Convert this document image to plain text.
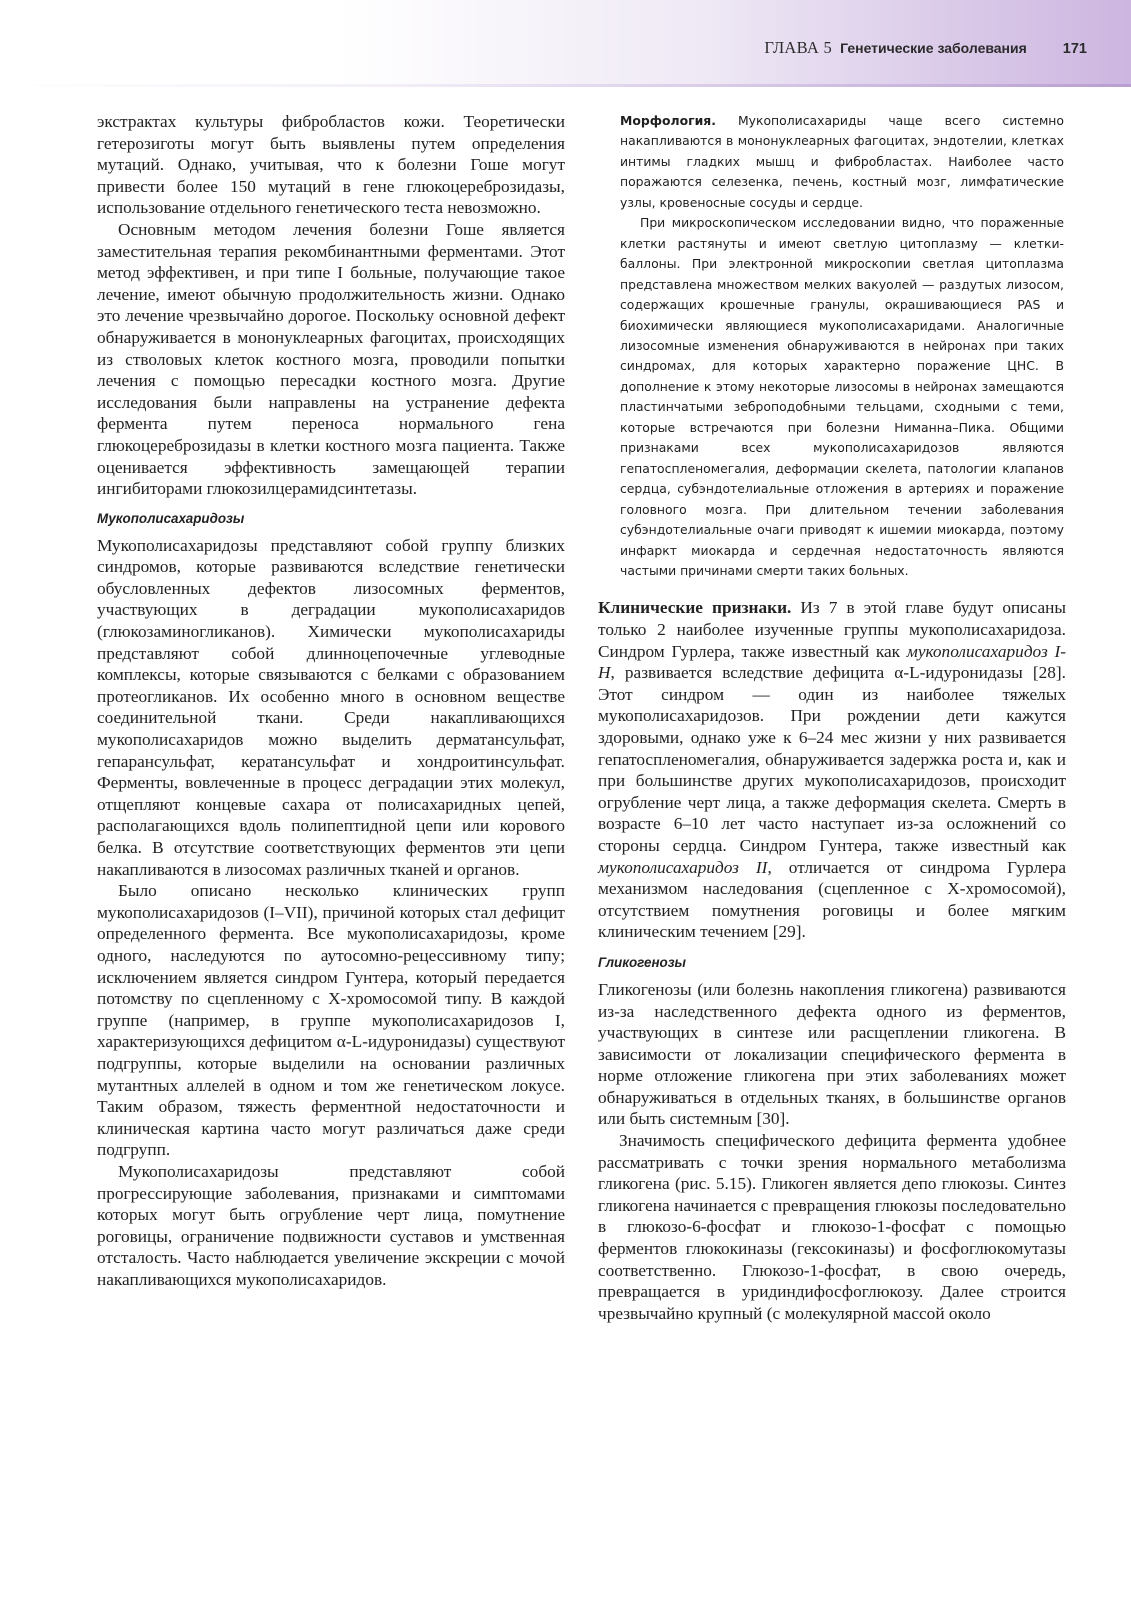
ГЛАВА 5 Генетические заболевания 171

экстрактах культуры фибробластов кожи. Теоретически гетерозиготы могут быть выявлены путем определения мутаций. Однако, учитывая, что к болезни Гоше могут привести более 150 мутаций в гене глюкоцереброзидазы, использование отдельного генетического теста невозможно.

Основным методом лечения болезни Гоше является заместительная терапия рекомбинантными ферментами. Этот метод эффективен, и при типе I больные, получающие такое лечение, имеют обычную продолжительность жизни. Однако это лечение чрезвычайно дорогое. Поскольку основной дефект обнаруживается в мононуклеарных фагоцитах, происходящих из стволовых клеток костного мозга, проводили попытки лечения с помощью пересадки костного мозга. Другие исследования были направлены на устранение дефекта фермента путем переноса нормального гена глюкоцереброзидазы в клетки костного мозга пациента. Также оценивается эффективность замещающей терапии ингибиторами глюкозилцерамидсинтетазы.

Мукополисахаридозы

Мукополисахаридозы представляют собой группу близких синдромов, которые развиваются вследствие генетически обусловленных дефектов лизосомных ферментов, участвующих в деградации мукополисахаридов (глюкозаминогликанов). Химически мукополисахариды представляют собой длинноцепочечные углеводные комплексы, которые связываются с белками с образованием протеогликанов. Их особенно много в основном веществе соединительной ткани. Среди накапливающихся мукополисахаридов можно выделить дерматансульфат, гепарансульфат, кератансульфат и хондроитинсульфат. Ферменты, вовлеченные в процесс деградации этих молекул, отщепляют концевые сахара от полисахаридных цепей, располагающихся вдоль полипептидной цепи или корового белка. В отсутствие соответствующих ферментов эти цепи накапливаются в лизосомах различных тканей и органов.

Было описано несколько клинических групп мукополисахаридозов (I–VII), причиной которых стал дефицит определенного фермента. Все мукополисахаридозы, кроме одного, наследуются по аутосомно-рецессивному типу; исключением является синдром Гунтера, который передается потомству по сцепленному с X-хромосомой типу. В каждой группе (например, в группе мукополисахаридозов I, характеризующихся дефицитом α-L-идуронидазы) существуют подгруппы, которые выделили на основании различных мутантных аллелей в одном и том же генетическом локусе. Таким образом, тяжесть ферментной недостаточности и клиническая картина часто могут различаться даже среди подгрупп.

Мукополисахаридозы представляют собой прогрессирующие заболевания, признаками и симптомами которых могут быть огрубление черт лица, помутнение роговицы, ограничение подвижности суставов и умственная отсталость. Часто наблюдается увеличение экскреции с мочой накапливающихся мукополисахаридов.

Морфология. Мукополисахариды чаще всего системно накапливаются в мононуклеарных фагоцитах, эндотелии, клетках интимы гладких мышц и фибробластах. Наиболее часто поражаются селезенка, печень, костный мозг, лимфатические узлы, кровеносные сосуды и сердце.

При микроскопическом исследовании видно, что пораженные клетки растянуты и имеют светлую цитоплазму — клетки-баллоны. При электронной микроскопии светлая цитоплазма представлена множеством мелких вакуолей — раздутых лизосом, содержащих крошечные гранулы, окрашивающиеся PAS и биохимически являющиеся мукополисахаридами. Аналогичные лизосомные изменения обнаруживаются в нейронах при таких синдромах, для которых характерно поражение ЦНС. В дополнение к этому некоторые лизосомы в нейронах замещаются пластинчатыми зеброподобными тельцами, сходными с теми, которые встречаются при болезни Ниманна–Пика. Общими признаками всех мукополисахаридозов являются гепатоспленомегалия, деформации скелета, патологии клапанов сердца, субэндотелиальные отложения в артериях и поражение головного мозга. При длительном течении заболевания субэндотелиальные очаги приводят к ишемии миокарда, поэтому инфаркт миокарда и сердечная недостаточность являются частыми причинами смерти таких больных.

Клинические признаки. Из 7 в этой главе будут описаны только 2 наиболее изученные группы мукополисахаридоза. Синдром Гурлера, также известный как мукополисахаридоз I-H, развивается вследствие дефицита α-L-идуронидазы [28]. Этот синдром — один из наиболее тяжелых мукополисахаридозов. При рождении дети кажутся здоровыми, однако уже к 6–24 мес жизни у них развивается гепатоспленомегалия, обнаруживается задержка роста и, как и при большинстве других мукополисахаридозов, происходит огрубление черт лица, а также деформация скелета. Смерть в возрасте 6–10 лет часто наступает из-за осложнений со стороны сердца. Синдром Гунтера, также известный как мукополисахаридоз II, отличается от синдрома Гурлера механизмом наследования (сцепленное с X-хромосомой), отсутствием помутнения роговицы и более мягким клиническим течением [29].

Гликогенозы

Гликогенозы (или болезнь накопления гликогена) развиваются из-за наследственного дефекта одного из ферментов, участвующих в синтезе или расщеплении гликогена. В зависимости от локализации специфического фермента в норме отложение гликогена при этих заболеваниях может обнаруживаться в отдельных тканях, в большинстве органов или быть системным [30].

Значимость специфического дефицита фермента удобнее рассматривать с точки зрения нормального метаболизма гликогена (рис. 5.15). Гликоген является депо глюкозы. Синтез гликогена начинается с превращения глюкозы последовательно в глюкозо-6-фосфат и глюкозо-1-фосфат с помощью ферментов глюкокиназы (гексокиназы) и фосфоглюкомутазы соответственно. Глюкозо-1-фосфат, в свою очередь, превращается в уридиндифосфоглюкозу. Далее строится чрезвычайно крупный (с молекулярной массой около
